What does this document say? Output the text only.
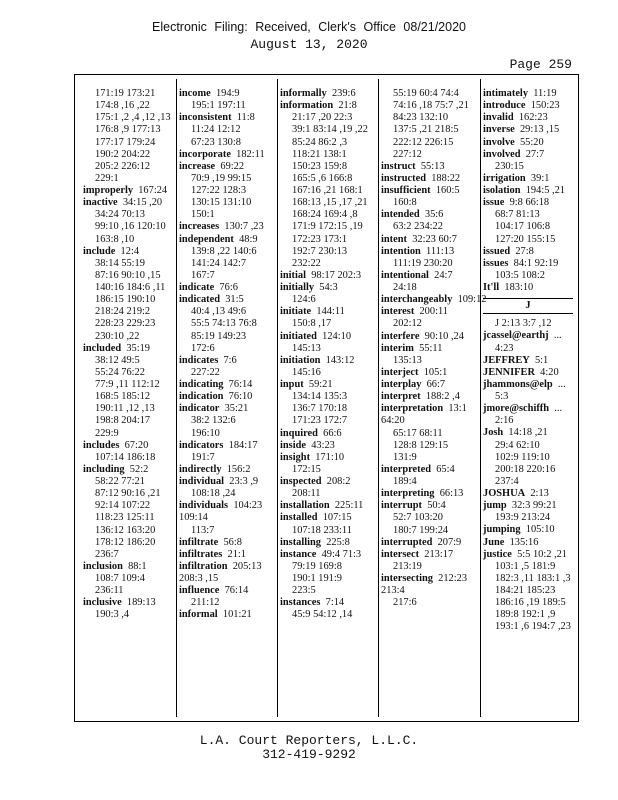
Electronic Filing: Received, Clerk's Office 08/21/2020
August 13, 2020
Page 259
171:19 173:21
174:8 ,16 ,22
175:1 ,2 ,4 ,12 ,13
176:8 ,9 177:13
177:17 179:24
190:2 204:22
205:2 226:12
229:1
improperly 167:24
inactive 34:15 ,20
34:24 70:13
99:10 ,16 120:10
163:8 ,10
include 12:4
38:14 55:19
87:16 90:10 ,15
140:16 184:6 ,11
186:15 190:10
218:24 219:2
228:23 229:23
230:10 ,22
included 35:19
38:12 49:5
55:24 76:22
77:9 ,11 112:12
168:5 185:12
190:11 ,12 ,13
198:8 204:17
229:9
includes 67:20
107:14 186:18
including 52:2
58:22 77:21
87:12 90:16 ,21
92:14 107:22
118:23 125:11
136:12 163:20
178:12 186:20
236:7
inclusion 88:1
108:7 109:4
236:11
inclusive 189:13
190:3 ,4
income 194:9
195:1 197:11
inconsistent 11:8
11:24 12:12
67:23 130:8
incorporate 182:11
increase 69:22
70:9 ,19 99:15
127:22 128:3
130:15 131:10
150:1
increases 130:7 ,23
independent 48:9
139:8 ,22 140:6
141:24 142:7
167:7
indicate 76:6
indicated 31:5
40:4 ,13 49:6
55:5 74:13 76:8
85:19 149:23
172:6
indicates 7:6
227:22
indicating 76:14
indication 76:10
indicator 35:21
38:2 132:6
196:10
indicators 184:17
191:7
indirectly 156:2
individual 23:3 ,9
108:18 ,24
individuals 104:23 109:14
113:7
infiltrate 56:8
infiltrates 21:1
infiltration 205:13 208:3 ,15
influence 76:14
211:12
informal 101:21
informally 239:6
information 21:8
21:17 ,20 22:3
39:1 83:14 ,19 ,22
85:24 86:2 ,3
118:21 138:1
150:23 159:8
165:5 ,6 166:8
167:16 ,21 168:1
168:13 ,15 ,17 ,21
168:24 169:4 ,8
171:9 172:15 ,19
172:23 173:1
192:7 230:13
232:22
initial 98:17 202:3
initially 54:3
124:6
initiate 144:11
150:8 ,17
initiated 124:10
145:13
initiation 143:12
145:16
input 59:21
134:14 135:3
136:7 170:18
171:23 172:7
inquired 66:6
inside 43:23
insight 171:10
172:15
inspected 208:2
208:11
installation 225:11
installed 107:15
107:18 233:11
installing 225:8
instance 49:4 71:3
79:19 169:8
190:1 191:9
223:5
instances 7:14
45:9 54:12 ,14
55:19 60:4 74:4
74:16 ,18 75:7 ,21
84:23 132:10
137:5 ,21 218:5
222:12 226:15
227:12
instruct 55:13
instructed 188:22
insufficient 160:5
160:8
intended 35:6
63:2 234:22
intent 32:23 60:7
intention 111:13
111:19 230:20
intentional 24:7
24:18
interchangeably 109:12
interest 200:11
202:12
interfere 90:10 ,24
interim 55:11
135:13
interject 105:1
interplay 66:7
interpret 188:2 ,4
interpretation 13:1 64:20
65:17 68:11
128:8 129:15
131:9
interpreted 65:4
189:4
interpreting 66:13
interrupt 50:4
52:7 103:20
180:7 199:24
interrupted 207:9
intersect 213:17
213:19
intersecting 212:23 213:4
217:6
intimately 11:19
introduce 150:23
invalid 162:23
inverse 29:13 ,15
involve 55:20
involved 27:7
230:15
irrigation 39:1
isolation 194:5 ,21
issue 9:8 66:18
68:7 81:13
104:17 106:8
127:20 155:15
issued 27:8
issues 84:1 92:19
103:5 108:2
It'll 183:10
J
J 2:13 3:7 ,12
jcassel@earthj ...
4:23
JEFFREY 5:1
JENNIFER 4:20
jhammons@elp ...
5:3
jmore@schiffh ...
2:16
Josh 14:18 ,21
29:4 62:10
102:9 119:10
200:18 220:16
237:4
JOSHUA 2:13
jump 32:3 99:21
193:9 213:24
jumping 105:10
June 135:16
justice 5:5 10:2 ,21
103:1 ,5 181:9
182:3 ,11 183:1 ,3
184:21 185:23
186:16 ,19 189:5
189:8 192:1 ,9
193:1 ,6 194:7 ,23
L.A. Court Reporters, L.L.C.
312-419-9292
